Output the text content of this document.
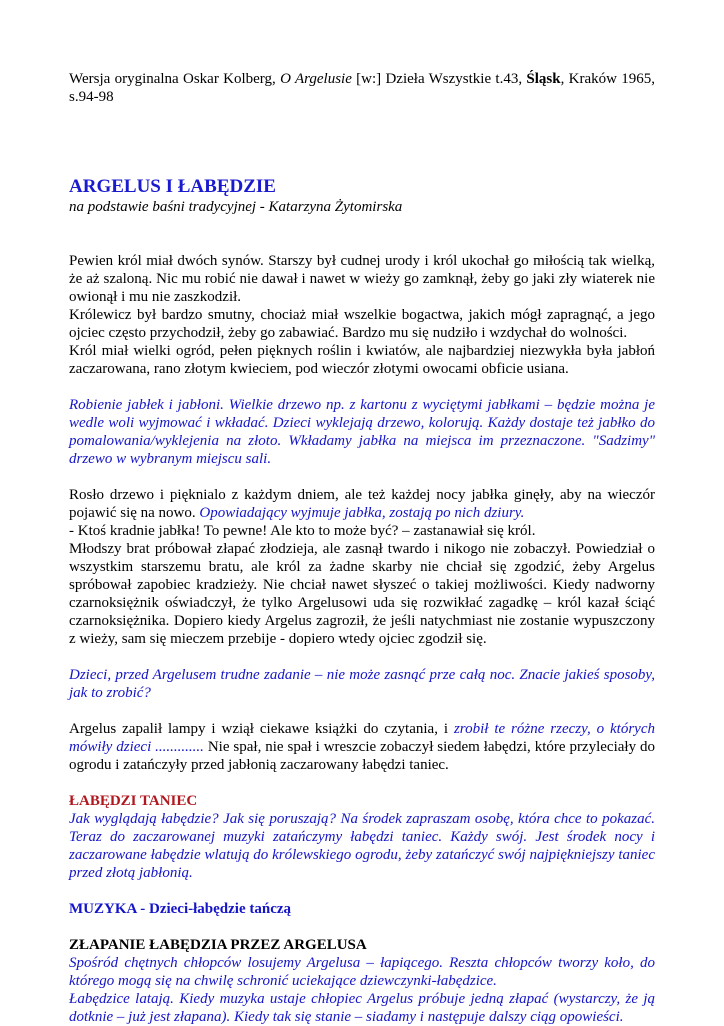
Wersja oryginalna Oskar Kolberg, O Argelusie [w:] Dzieła Wszystkie t.43, Śląsk, Kraków 1965, s.94-98

ARGELUS I ŁABĘDZIE

na podstawie baśni tradycyjnej - Katarzyna Żytomirska

Pewien król miał dwóch synów. Starszy był cudnej urody i król ukochał go miłością tak wielką, że aż szaloną. Nic mu robić nie dawał i nawet w wieży go zamknął, żeby go jaki zły wiaterek nie owionął i mu nie zaszkodził.

Królewicz był bardzo smutny, chociaż miał wszelkie bogactwa, jakich mógł zapragnąć, a jego ojciec często przychodził, żeby go zabawiać. Bardzo mu się nudziło i wzdychał do wolności.

Król miał wielki ogród, pełen pięknych roślin i kwiatów, ale najbardziej niezwykła była jabłoń zaczarowana, rano złotym kwieciem, pod wieczór złotymi owocami obficie usiana.

Robienie jabłek i jabłoni. Wielkie drzewo np. z kartonu z wyciętymi jabłkami – będzie można je wedle woli wyjmować i wkładać. Dzieci wyklejają drzewo, kolorują. Każdy dostaje też jabłko do pomalowania/wyklejenia na złoto. Wkładamy jabłka na miejsca im przeznaczone. "Sadzimy" drzewo w wybranym miejscu sali.

Rosło drzewo i pięknialo z każdym dniem, ale też każdej nocy jabłka ginęły, aby na wieczór pojawić się na nowo. Opowiadający wyjmuje jabłka, zostają po nich dziury.

- Ktoś kradnie jabłka! To pewne! Ale kto to może być? – zastanawiał się król.

Młodszy brat próbował złapać złodzieja, ale zasnął twardo i nikogo nie zobaczył. Powiedział o wszystkim starszemu bratu, ale król za żadne skarby nie chciał się zgodzić, żeby Argelus spróbował zapobiec kradzieży. Nie chciał nawet słyszeć o takiej możliwości. Kiedy nadworny czarnoksiężnik oświadczył, że tylko Argelusowi uda się rozwikłać zagadkę – król kazał ściąć czarnoksiężnika. Dopiero kiedy Argelus zagroził, że jeśli natychmiast nie zostanie wypuszczony z wieży, sam się mieczem przebije - dopiero wtedy ojciec zgodził się.

Dzieci, przed Argelusem trudne zadanie – nie może zasnąć prze całą noc. Znacie jakieś sposoby, jak to zrobić?

Argelus zapalił lampy i wziął ciekawe książki do czytania, i zrobił te różne rzeczy, o których mówiły dzieci ............. Nie spał, nie spał i wreszcie zobaczył siedem łabędzi, które przyleciały do ogrodu i zatańczyły przed jabłonią zaczarowany łabędzi taniec.

ŁABĘDZI TANIEC

Jak wyglądają łabędzie? Jak się poruszają? Na środek zapraszam osobę, która chce to pokazać. Teraz do zaczarowanej muzyki zatańczymy łabędzi taniec. Każdy swój. Jest środek nocy i zaczarowane łabędzie wlatują do królewskiego ogrodu, żeby zatańczyć swój najpiękniejszy taniec przed złotą jabłonią.

MUZYKA - Dzieci-łabędzie tańczą

ZŁAPANIE ŁABĘDZIA PRZEZ ARGELUSA

Spośród chętnych chłopców losujemy Argelusa – łapiącego. Reszta chłopców tworzy koło, do którego mogą się na chwilę schronić uciekające dziewczynki-łabędzice.

Łabędzice latają. Kiedy muzyka ustaje chłopiec Argelus próbuje jedną złapać (wystarczy, że ją dotknie – już jest złapana). Kiedy tak się stanie – siadamy i następuje dalszy ciąg opowieści.
